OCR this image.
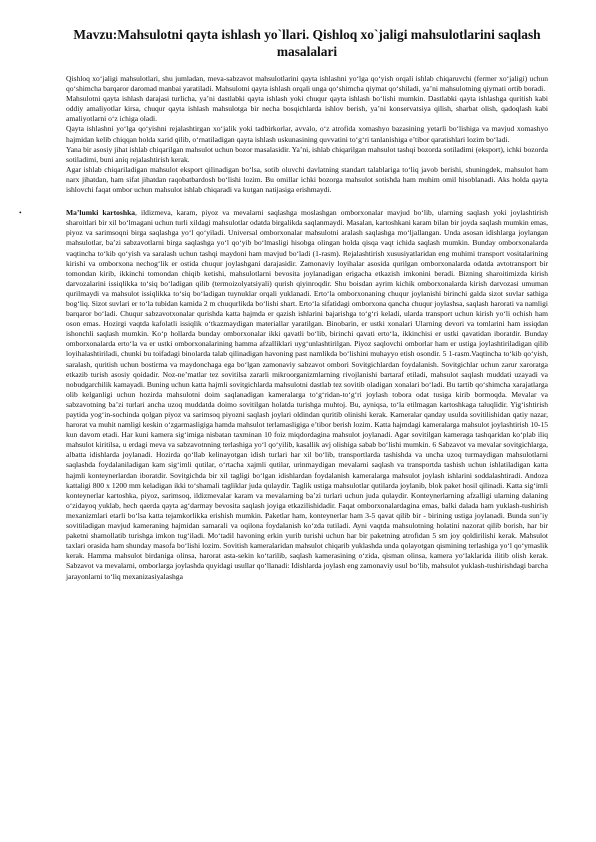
Mavzu:Mahsulotni qayta ishlash yo`llari. Qishloq xo`jaligi mahsulotlarini saqlash masalalari

Qishloq xo‘jaligi mahsulotlari, shu jumladan, meva-sabzavot mahsulotlarini qayta ishlashni yo‘lga qo‘yish orqali ishlab chiqaruvchi (fermer xo‘jaligi) uchun qo‘shimcha barqaror daromad manbai yaratiladi. Mahsulotni qayta ishlash orqali unga qo‘shimcha qiymat qo‘shiladi, ya’ni mahsulotning qiymati ortib boradi.

Mahsulotni qayta ishlash darajasi turlicha, ya’ni dastlabki qayta ishlash yoki chuqur qayta ishlash bo‘lishi mumkin. Dastlabki qayta ishlashga quritish kabi oddiy amaliyotlar kirsa, chuqur qayta ishlash mahsulotga bir necha bosqichlarda ishlov berish, ya’ni konservatsiya qilish, sharbat olish, qadoqlash kabi amaliyotlarni o‘z ichiga oladi.

Qayta ishlashni yo‘lga qo‘yishni rejalashtirgan xo‘jalik yoki tadbirkorlar, avvalo, o‘z atrofida xomashyo bazasining yetarli bo‘lishiga va mavjud xomashyo hajmidan kelib chiqqan holda xarid qilib, o‘rnatiladigan qayta ishlash uskunasining quvvatini to‘g‘ri tanlanishiga e’tibor qaratishlari lozim bo‘ladi.

Yana bir asosiy jihat ishlab chiqarilgan mahsulot uchun bozor masalasidir. Ya’ni, ishlab chiqarilgan mahsulot tashqi bozorda sotiladimi (eksport), ichki bozorda sotiladimi, buni aniq rejalashtirish kerak.

Agar ishlab chiqariladigan mahsulot eksport qilinadigan bo‘lsa, sotib oluvchi davlatning standart talablariga to‘liq javob berishi, shuningdek, mahsulot ham narx jihatdan, ham sifat jihatdan raqobatbardosh bo‘lishi lozim. Bu omillar ichki bozorga mahsulot sotishda ham muhim omil hisoblanadi. Aks holda qayta ishlovchi faqat ombor uchun mahsulot ishlab chiqaradi va kutgan natijasiga erishmaydi.

•	Ma’lumki kartoshka, ildizmeva, karam, piyoz va mevalarni saqlashga moslashgan omborxonalar mavjud bo‘lib, ularning saqlash yoki joylashtirish sharoitlari bir xil bo‘lmagani uchun turli xildagi mahsulotlar odatda birgalikda saqlanmaydi. Masalan, kartoshkani karam bilan bir joyda saqlash mumkin emas, piyoz va sarimsoqni birga saqlashga yo‘l qo‘yiladi. Universal omborxonalar mahsulotni aralash saqlashga mo‘ljallangan. Unda asosan idishlarga joylangan mahsulotlar, ba’zi sabzavotlarni birga saqlashga yo‘l qo‘yib bo‘lmasligi hisobga olingan holda qisqa vaqt ichida saqlash mumkin. Bunday omborxonalarda vaqtincha to‘kib qo‘yish va saralash uchun tashqi maydoni ham mavjud bo‘ladi (1-rasm). Rejalashtirish xususiyatlaridan eng muhimi transport vositalarining kirishi va omborxona nechog‘lik er ostida chuqur joylashgani darajasidir. Zamonaviy loyihalar asosida qurilgan omborxonalarda odatda avtotransport bir tomondan kirib, ikkinchi tomondan chiqib ketishi, mahsulotlarni bevosita joylanadigan erigacha etkazish imkonini beradi. Bizning sharoitimizda kirish darvozalarini issiqlikka to‘siq bo‘ladigan qilib (termoizolyatsiyali) qurish qiyinroqdir. Shu boisdan ayrim kichik omborxonalarda kirish darvozasi umuman qurilmaydi va mahsulot issiqlikka to‘siq bo‘ladigan tuynuklar orqali yuklanadi. Erto‘la omborxonaning chuqur joylanishi birinchi galda sizot suvlar sathiga bog‘liq. Sizot suvlari er to‘la tubidan kamida 2 m chuqurlikda bo‘lishi shart. Erto‘la sifatidagi omborxona qancha chuqur joylashsa, saqlash harorati va namligi barqaror bo‘ladi. Chuqur sabzavotxonalar qurishda katta hajmda er qazish ishlarini bajarishga to‘g‘ri keladi, ularda transport uchun kirish yo‘li ochish ham oson emas. Hozirgi vaqtda kafolatli issiqlik o‘tkazmaydigan materiallar yaratilgan. Binobarin, er ustki xonalari Ularning devori va tomlarini ham issiqdan ishonchli saqlash mumkin. Ko‘p hollarda bunday omborxonalar ikki qavatli bo‘lib, birinchi qavati erto‘la, ikkinchisi er ustki qavatidan iboratdir. Bunday omborxonalarda erto‘la va er ustki omborxonalarining hamma afzalliklari uyg‘unlashtirilgan. Piyoz saqlovchi omborlar ham er ustiga joylashtiriladigan qilib loyihalashtiriladi, chunki bu toifadagi binolarda talab qilinadigan havoning past namlikda bo‘lishini muhayyo etish osondir. 5 1-rasm.Vaqtincha to‘kib qo‘yish, saralash, quritish uchun bostirma va maydonchaga ega bo‘lgan zamonaviy sabzavot ombori Sovitgichlardan foydalanish. Sovitgichlar uchun zarur xaroratga etkazib turish asosiy qoidadir. Noz-ne’matlar tez sovitilsa zararli mikroorganizmlarning rivojlanishi bartaraf etiladi, mahsulot saqlash muddati uzayadi va nobudgarchilik kamayadi. Buning uchun katta hajmli sovitgichlarda mahsulotni dastlab tez sovitib oladigan xonalari bo‘ladi. Bu tartib qo‘shimcha xarajatlarga olib kelganligi uchun hozirda mahsulotni doim saqlanadigan kameralarga to‘g‘ridan-to‘g‘ri joylash tobora odat tusiga kirib bormoqda. Mevalar va sabzavotning ba’zi turlari ancha uzoq muddatda doimo sovitilgan holatda turishga muhtoj. Bu, ayniqsa, to‘la etilmagan kartoshkaga taluqlidir. Yig‘ishtirish paytida yog‘in-sochinda qolgan piyoz va sarimsoq piyozni saqlash joylari oldindan quritib olinishi kerak. Kameralar qanday usulda sovitilishidan qatiy nazar, harorat va muhit namligi keskin o‘zgarmasligiga hamda mahsulot terlamasligiga e’tibor berish lozim. Katta hajmdagi kameralarga mahsulot joylashtirish 10-15 kun davom etadi. Har kuni kamera sig‘imiga nisbatan taxminan 10 foiz miqdordagina mahsulot joylanadi. Agar sovitilgan kameraga tashqaridan ko‘plab iliq mahsulot kiritilsa, u erdagi meva va sabzavotnning terlashiga yo‘l qo‘yilib, kasallik avj olishiga sabab bo‘lishi mumkin. 6 Sabzavot va mevalar sovitgichlarga, albatta idishlarda joylanadi. Hozirda qo‘llab kelinayotgan idish turlari har xil bo‘lib, transportlarda tashishda va uncha uzoq turmaydigan mahsulotlarni saqlashda foydalaniladigan kam sig‘imli qutilar, o‘rtacha xajmli qutilar, urinmaydigan mevalarni saqlash va transportda tashish uchun ishlatiladigan katta hajmli konteynerlardan iboratdir. Sovitgichda bir xil tagligi bo‘lgan idishlardan foydalanish kameralarga mahsulot joylash ishlarini soddalashtiradi. Andoza kattaligi 800 x 1200 mm keladigan ikki to‘shamali tagliklar juda qulaydir. Taglik ustiga mahsulotlar qutilarda joylanib, blok paket hosil qilinadi. Katta sig‘imli konteynerlar kartoshka, piyoz, sarimsoq, ildizmevalar karam va mevalarning ba’zi turlari uchun juda qulaydir. Konteynerlarning afzalligi ularning dalaning o‘zidayoq yuklab, hech qaerda qayta ag‘darmay bevosita saqlash joyiga etkazilishidadir. Faqat omborxonalardagina emas, balki dalada ham yuklash-tushirish mexanizmlari etarli bo‘lsa katta tejamkorlikka erishish mumkin. Paketlar ham, konteynerlar ham 3-5 qavat qilib bir - birining ustiga joylanadi. Bunda sun’iy sovitiladigan mavjud kameraning hajmidan samarali va oqilona foydalanish ko‘zda tutiladi. Ayni vaqtda mahsulotning holatini nazorat qilib borish, har bir paketni shamollatib turishga imkon tug‘iladi. Mo‘tadil havoning erkin yurib turishi uchun har bir paketning atrofidan 5 sm joy qoldirilishi kerak. Mahsulot taxlari orasida ham shunday masofa bo‘lishi lozim. Sovitish kameralaridan mahsulot chiqarib yuklashda unda qolayotgan qismining terlashiga yo‘l qo‘ymaslik kerak. Hamma mahsulot birdaniga olinsa, harorat asta-sekin ko‘tarilib, saqlash kamerasining o‘zida, qisman olinsa, kamera yo‘laklarida ilitib olish kerak. Sabzavot va mevalarni, omborlarga joylashda quyidagi usullar qo‘llanadi: Idishlarda joylash eng zamonaviy usul bo‘lib, mahsulot yuklash-tushirishdagi barcha jarayonlarni to‘liq mexanizasiyalashga
